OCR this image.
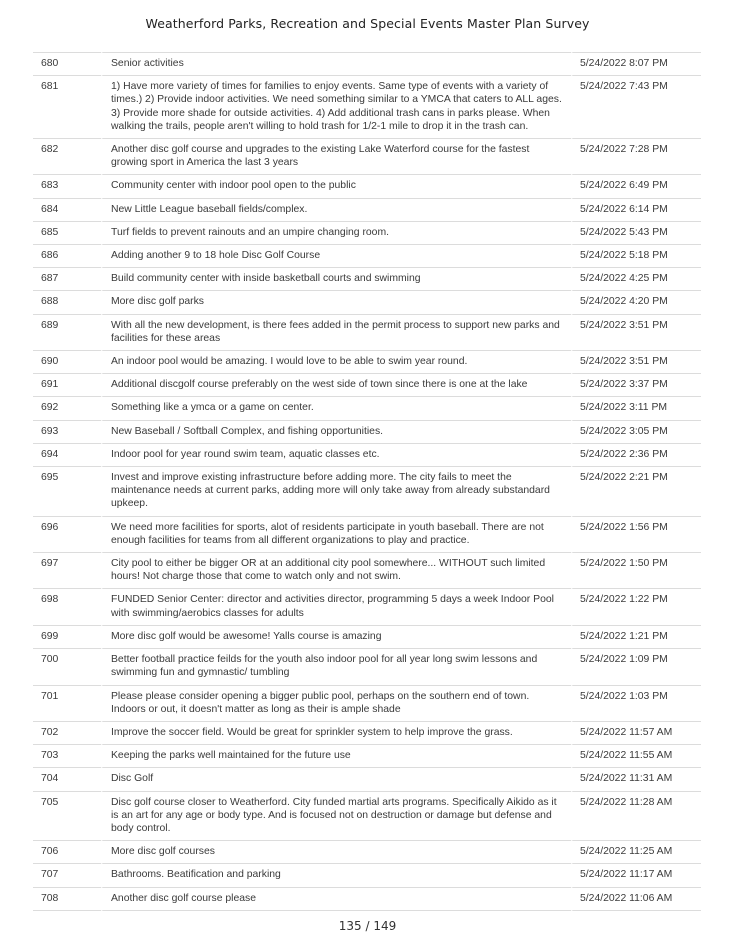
Weatherford Parks, Recreation and Special Events Master Plan Survey
680	Senior activities	5/24/2022 8:07 PM
681	1) Have more variety of times for families to enjoy events. Same type of events with a variety of times.) 2) Provide indoor activities. We need something similar to a YMCA that caters to ALL ages. 3) Provide more shade for outside activities. 4) Add additional trash cans in parks please. When walking the trails, people aren't willing to hold trash for 1/2-1 mile to drop it in the trash can.	5/24/2022 7:43 PM
682	Another disc golf course and upgrades to the existing Lake Waterford course for the fastest growing sport in America the last 3 years	5/24/2022 7:28 PM
683	Community center with indoor pool open to the public	5/24/2022 6:49 PM
684	New Little League baseball fields/complex.	5/24/2022 6:14 PM
685	Turf fields to prevent rainouts and an umpire changing room.	5/24/2022 5:43 PM
686	Adding another 9 to 18 hole Disc Golf Course	5/24/2022 5:18 PM
687	Build community center with inside basketball courts and swimming	5/24/2022 4:25 PM
688	More disc golf parks	5/24/2022 4:20 PM
689	With all the new development, is there fees added in the permit process to support new parks and facilities for these areas	5/24/2022 3:51 PM
690	An indoor pool would be amazing. I would love to be able to swim year round.	5/24/2022 3:51 PM
691	Additional discgolf course preferably on the west side of town since there is one at the lake	5/24/2022 3:37 PM
692	Something like a ymca or a game on center.	5/24/2022 3:11 PM
693	New Baseball / Softball Complex, and fishing opportunities.	5/24/2022 3:05 PM
694	Indoor pool for year round swim team, aquatic classes etc.	5/24/2022 2:36 PM
695	Invest and improve existing infrastructure before adding more. The city fails to meet the maintenance needs at current parks, adding more will only take away from already substandard upkeep.	5/24/2022 2:21 PM
696	We need more facilities for sports, alot of residents participate in youth baseball. There are not enough facilities for teams from all different organizations to play and practice.	5/24/2022 1:56 PM
697	City pool to either be bigger OR at an additional city pool somewhere... WITHOUT such limited hours! Not charge those that come to watch only and not swim.	5/24/2022 1:50 PM
698	FUNDED Senior Center: director and activities director, programming 5 days a week Indoor Pool with swimming/aerobics classes for adults	5/24/2022 1:22 PM
699	More disc golf would be awesome! Yalls course is amazing	5/24/2022 1:21 PM
700	Better football practice feilds for the youth also indoor pool for all year long swim lessons and swimming fun and gymnastic/ tumbling	5/24/2022 1:09 PM
701	Please please consider opening a bigger public pool, perhaps on the southern end of town. Indoors or out, it doesn't matter as long as their is ample shade	5/24/2022 1:03 PM
702	Improve the soccer field. Would be great for sprinkler system to help improve the grass.	5/24/2022 11:57 AM
703	Keeping the parks well maintained for the future use	5/24/2022 11:55 AM
704	Disc Golf	5/24/2022 11:31 AM
705	Disc golf course closer to Weatherford. City funded martial arts programs. Specifically Aikido as it is an art for any age or body type. And is focused not on destruction or damage but defense and body control.	5/24/2022 11:28 AM
706	More disc golf courses	5/24/2022 11:25 AM
707	Bathrooms. Beatification and parking	5/24/2022 11:17 AM
708	Another disc golf course please	5/24/2022 11:06 AM
135 / 149
